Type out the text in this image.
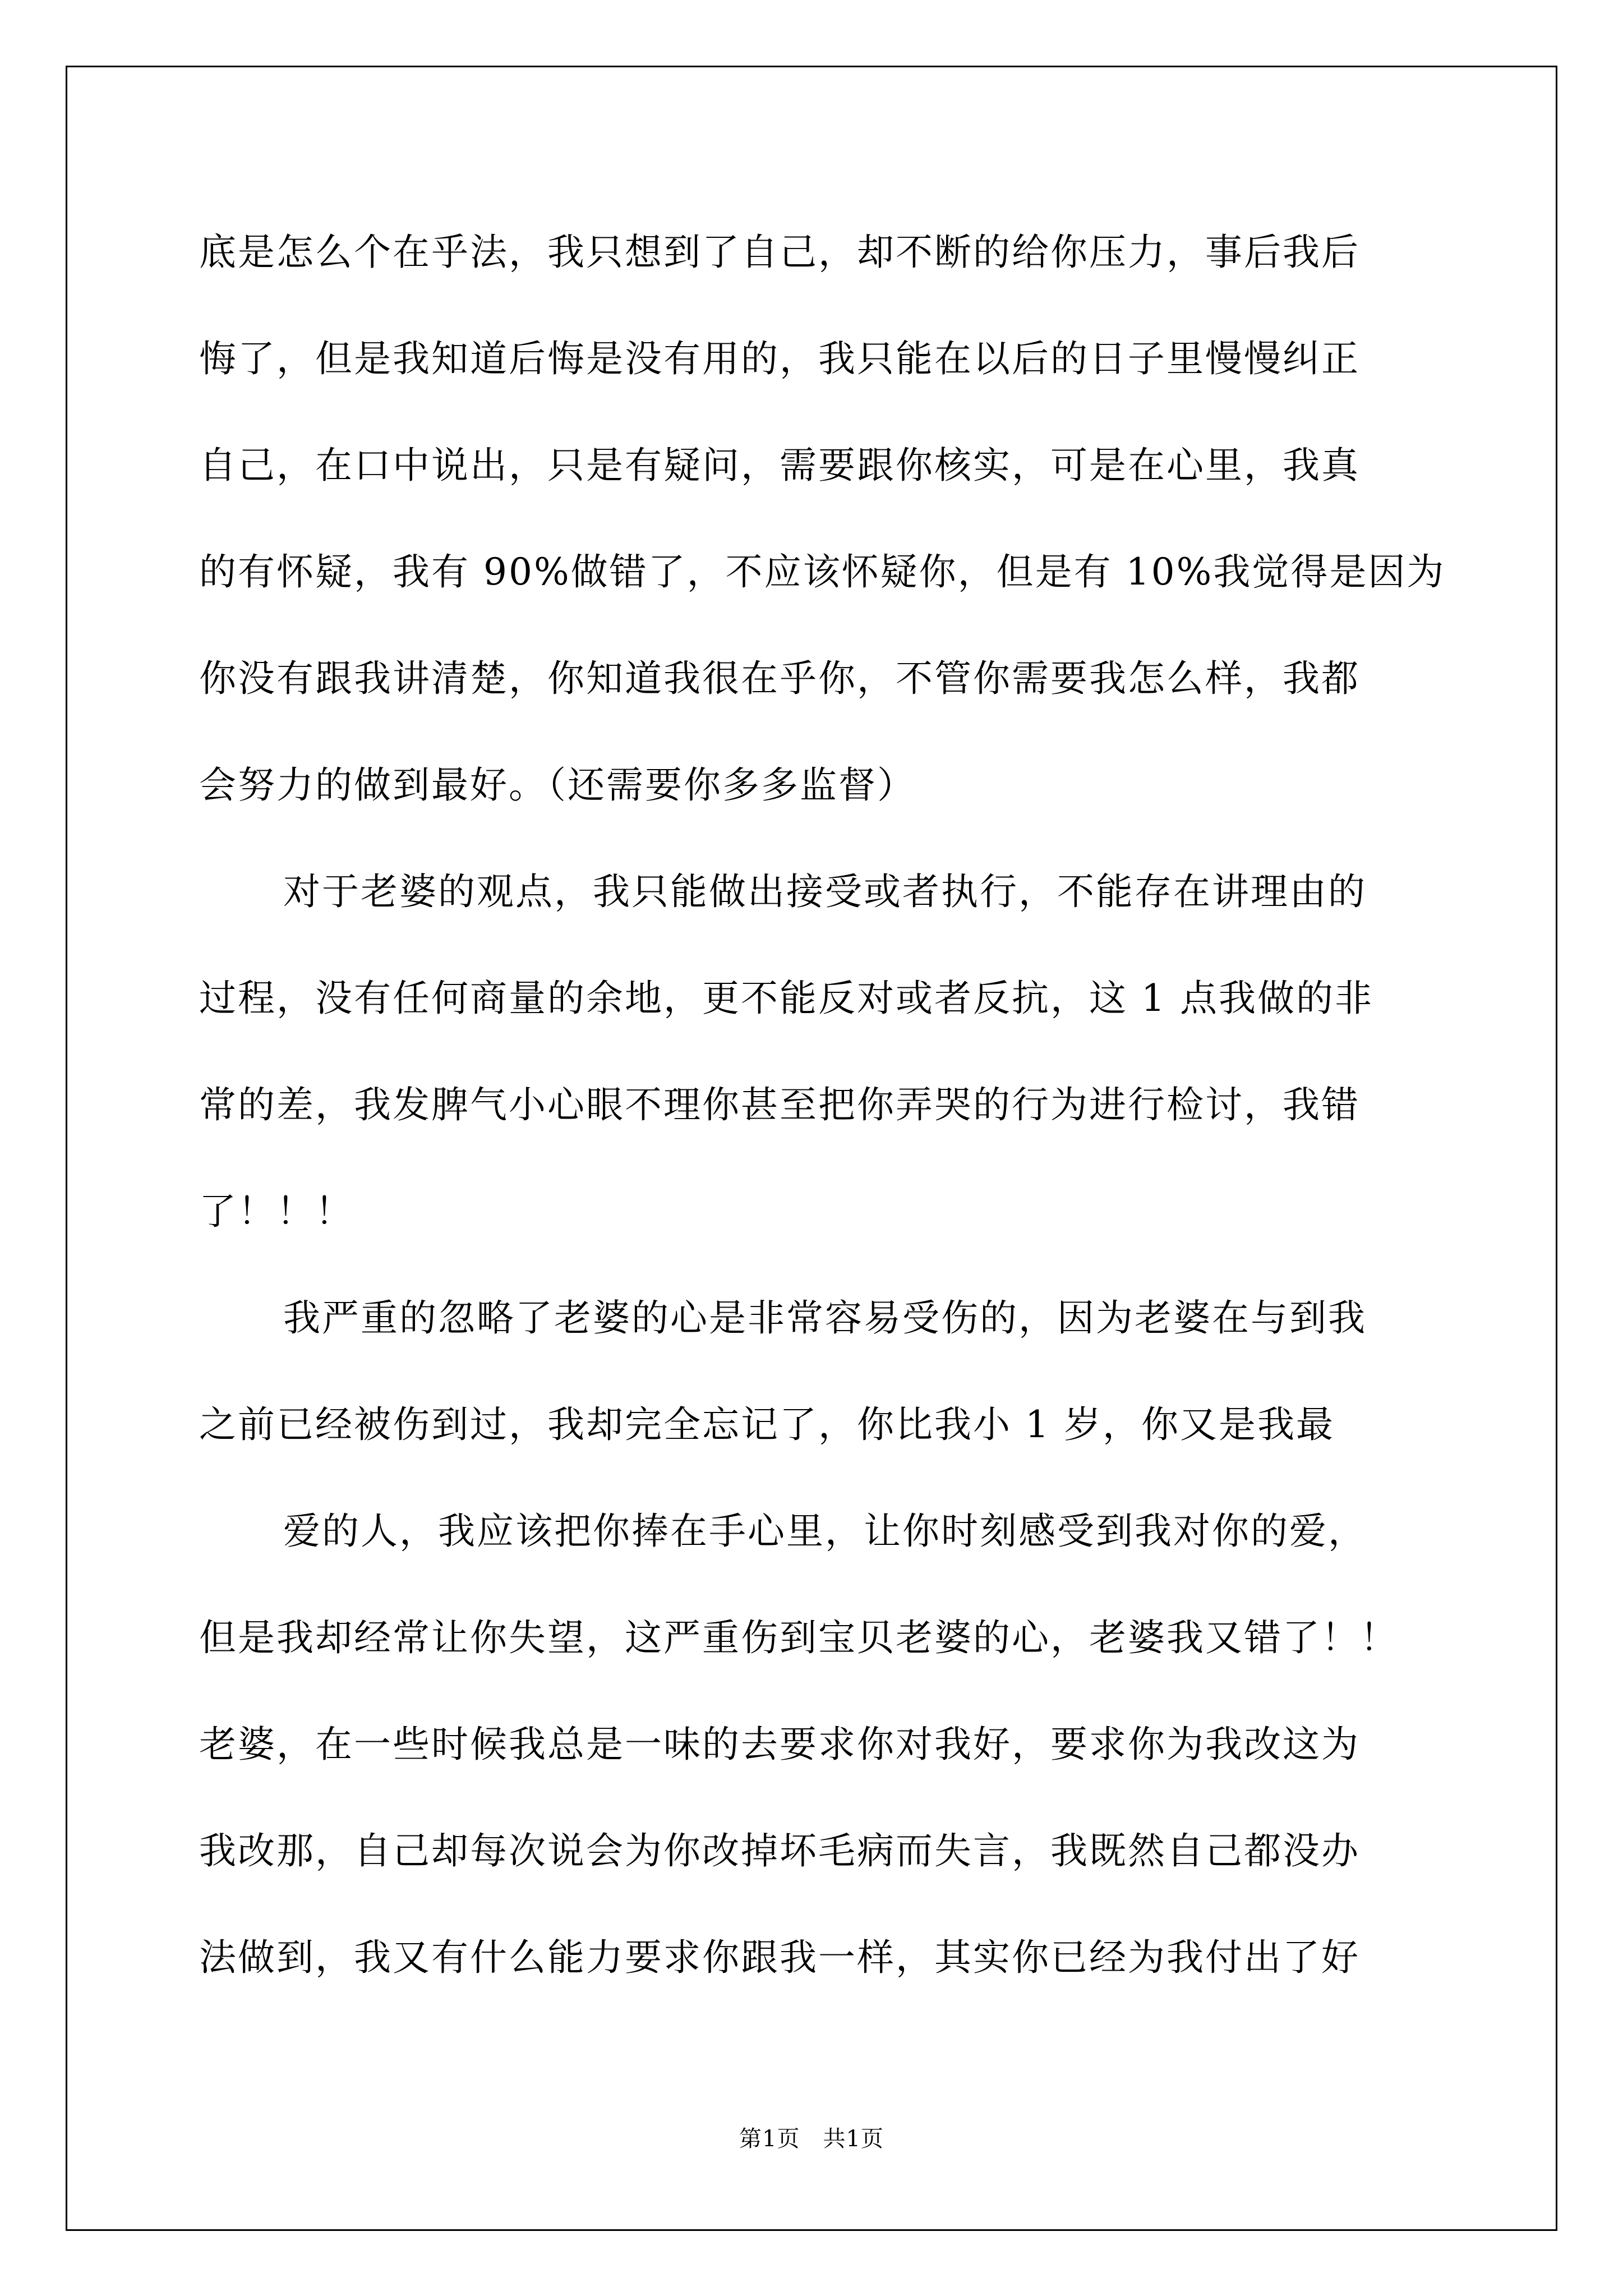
底是怎么个在乎法，我只想到了自己，却不断的给你压力，事后我后
悔了，但是我知道后悔是没有用的，我只能在以后的日子里慢慢纠正
自己，在口中说出，只是有疑问，需要跟你核实，可是在心里，我真
的有怀疑，我有 90%做错了，不应该怀疑你，但是有 10%我觉得是因为
你没有跟我讲清楚，你知道我很在乎你，不管你需要我怎么样，我都
会努力的做到最好。（还需要你多多监督）
对于老婆的观点，我只能做出接受或者执行，不能存在讲理由的
过程，没有任何商量的余地，更不能反对或者反抗，这 1 点我做的非
常的差，我发脾气小心眼不理你甚至把你弄哭的行为进行检讨，我错
了！！！
我严重的忽略了老婆的心是非常容易受伤的，因为老婆在与到我
之前已经被伤到过，我却完全忘记了，你比我小 1 岁，你又是我最
爱的人，我应该把你捧在手心里，让你时刻感受到我对你的爱，
但是我却经常让你失望，这严重伤到宝贝老婆的心，老婆我又错了！！
老婆，在一些时候我总是一味的去要求你对我好，要求你为我改这为
我改那，自己却每次说会为你改掉坏毛病而失言，我既然自己都没办
法做到，我又有什么能力要求你跟我一样，其实你已经为我付出了好
第1页　共1页
